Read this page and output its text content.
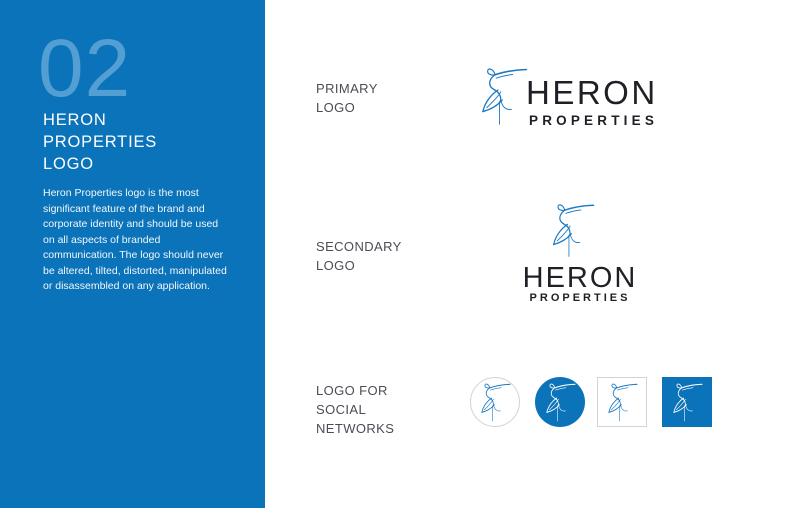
02
HERON
PROPERTIES
LOGO
Heron Properties logo is the most significant feature of the brand and corporate identity and should be used on all aspects of branded communication. The logo should never be altered, tilted, distorted, manipulated or disassembled on any application.
PRIMARY
LOGO
SECONDARY
LOGO
LOGO FOR
SOCIAL
NETWORKS
HERON
PROPERTIES
HERON
PROPERTIES
